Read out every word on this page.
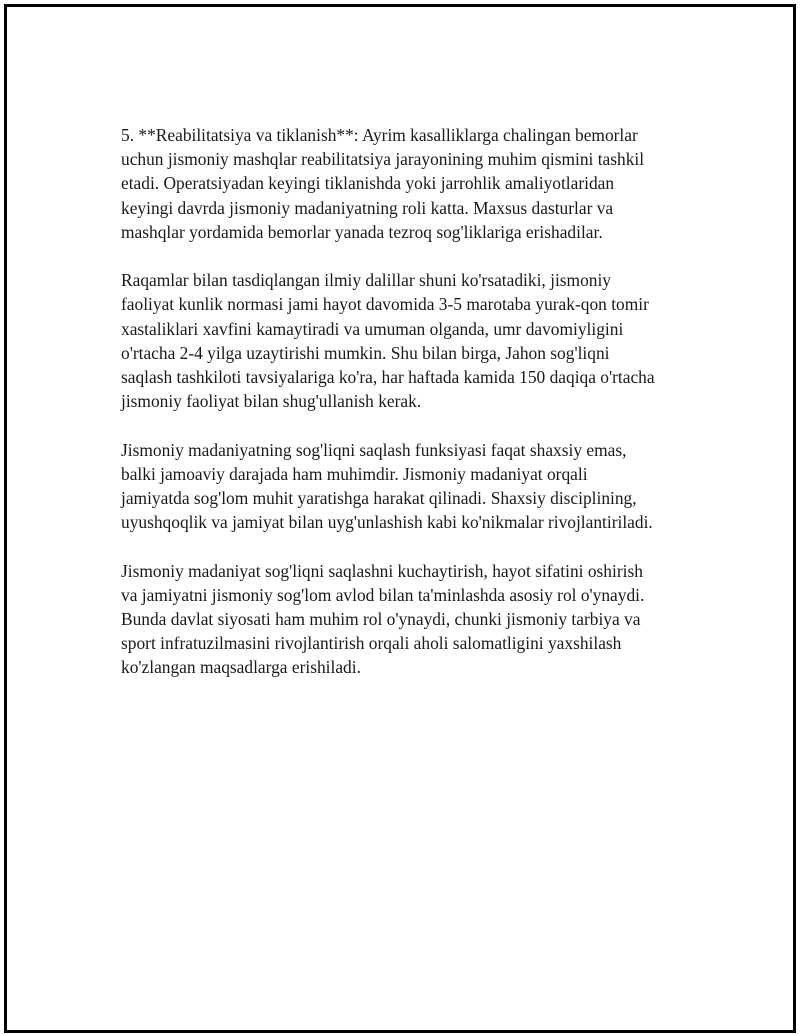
5. **Reabilitatsiya va tiklanish**: Ayrim kasalliklarga chalingan bemorlar
uchun jismoniy mashqlar reabilitatsiya jarayonining muhim qismini tashkil
etadi. Operatsiyadan keyingi tiklanishda yoki jarrohlik amaliyotlaridan
keyingi davrda jismoniy madaniyatning roli katta. Maxsus dasturlar va
mashqlar yordamida bemorlar yanada tezroq sog'liklariga erishadilar.

Raqamlar bilan tasdiqlangan ilmiy dalillar shuni ko'rsatadiki, jismoniy
faoliyat kunlik normasi jami hayot davomida 3-5 marotaba yurak-qon tomir
xastaliklari xavfini kamaytiradi va umuman olganda, umr davomiyligini
o'rtacha 2-4 yilga uzaytirishi mumkin. Shu bilan birga, Jahon sog'liqni
saqlash tashkiloti tavsiyalariga ko'ra, har haftada kamida 150 daqiqa o'rtacha
jismoniy faoliyat bilan shug'ullanish kerak.

Jismoniy madaniyatning sog'liqni saqlash funksiyasi faqat shaxsiy emas,
balki jamoaviy darajada ham muhimdir. Jismoniy madaniyat orqali
jamiyatda sog'lom muhit yaratishga harakat qilinadi. Shaxsiy disciplining,
uyushqoqlik va jamiyat bilan uyg'unlashish kabi ko'nikmalar rivojlantiriladi.

Jismoniy madaniyat sog'liqni saqlashni kuchaytirish, hayot sifatini oshirish
va jamiyatni jismoniy sog'lom avlod bilan ta'minlashda asosiy rol o'ynaydi.
Bunda davlat siyosati ham muhim rol o'ynaydi, chunki jismoniy tarbiya va
sport infratuzilmasini rivojlantirish orqali aholi salomatligini yaxshilash
ko'zlangan maqsadlarga erishiladi.
